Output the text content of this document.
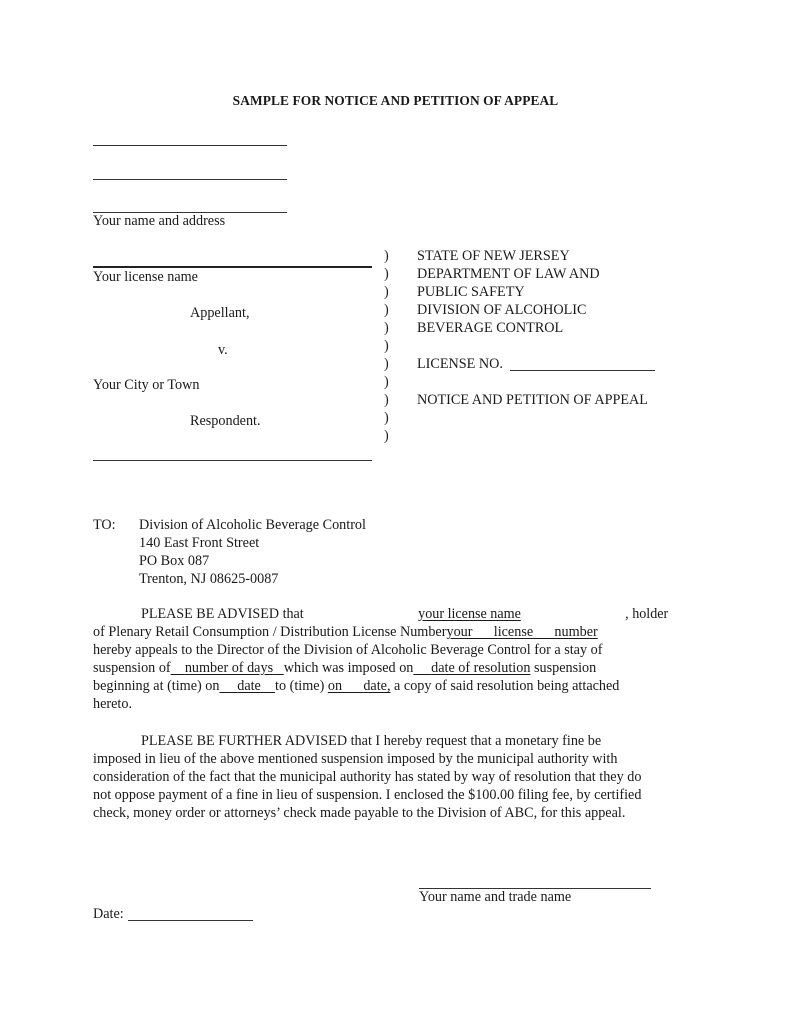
SAMPLE FOR NOTICE AND PETITION OF APPEAL
Your name and address
Your license name
Appellant,
v.
Your City or Town
Respondent.
)
)
)
)
)
)
)
)
)
)
)
STATE OF NEW JERSEY
DEPARTMENT OF LAW AND
PUBLIC SAFETY
DIVISION OF ALCOHOLIC
BEVERAGE CONTROL
LICENSE NO.
NOTICE AND PETITION OF APPEAL
TO: Division of Alcoholic Beverage Control
140 East Front Street
PO Box 087
Trenton, NJ 08625-0087
PLEASE BE ADVISED that	your license name	, holder
of Plenary Retail Consumption / Distribution License Numberyour      license      number
hereby appeals to the Director of the Division of Alcoholic Beverage Control for a stay of
suspension of number of days which was imposed on date of resolution suspension
beginning at (time) on date to (time) on date, a copy of said resolution being attached
hereto.
PLEASE BE FURTHER ADVISED that I hereby request that a monetary fine be
imposed in lieu of the above mentioned suspension imposed by the municipal authority with
consideration of the fact that the municipal authority has stated by way of resolution that they do
not oppose payment of a fine in lieu of suspension. I enclosed the $100.00 filing fee, by certified
check, money order or attorneys’ check made payable to the Division of ABC, for this appeal.
Your name and trade name
Date:
